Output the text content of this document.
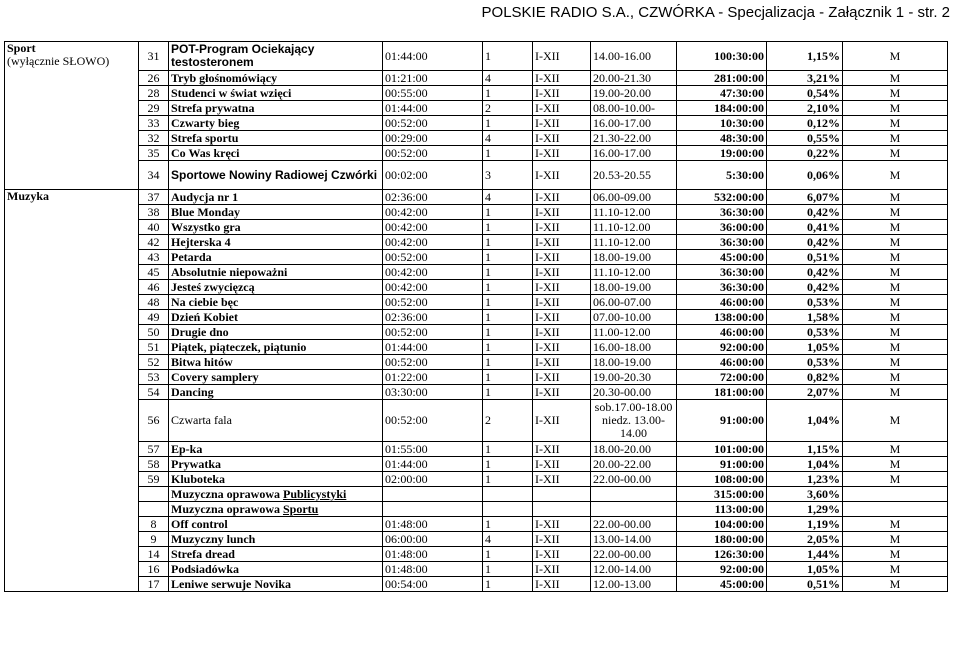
POLSKIE RADIO S.A., CZWÓRKA - Specjalizacja - Załącznik 1 - str. 2
Sport
(wyłącznie SŁOWO)	31	POT-Program Ociekający testosteronem	01:44:00	1	I-XII	14.00-16.00	100:30:00	1,15%	M
	26	Tryb głośnomówiący	01:21:00	4	I-XII	20.00-21.30	281:00:00	3,21%	M
	28	Studenci w świat wzięci	00:55:00	1	I-XII	19.00-20.00	47:30:00	0,54%	M
	29	Strefa prywatna	01:44:00	2	I-XII	08.00-10.00-	184:00:00	2,10%	M
	33	Czwarty bieg	00:52:00	1	I-XII	16.00-17.00	10:30:00	0,12%	M
	32	Strefa sportu	00:29:00	4	I-XII	21.30-22.00	48:30:00	0,55%	M
	35	Co Was kręci	00:52:00	1	I-XII	16.00-17.00	19:00:00	0,22%	M
	34	Sportowe Nowiny Radiowej Czwórki	00:02:00	3	I-XII	20.53-20.55	5:30:00	0,06%	M

Muzyka	37	Audycja nr 1	02:36:00	4	I-XII	06.00-09.00	532:00:00	6,07%	M
	38	Blue Monday	00:42:00	1	I-XII	11.10-12.00	36:30:00	0,42%	M
	40	Wszystko gra	00:42:00	1	I-XII	11.10-12.00	36:00:00	0,41%	M
	42	Hejterska 4	00:42:00	1	I-XII	11.10-12.00	36:30:00	0,42%	M
	43	Petarda	00:52:00	1	I-XII	18.00-19.00	45:00:00	0,51%	M
	45	Absolutnie niepoważni	00:42:00	1	I-XII	11.10-12.00	36:30:00	0,42%	M
	46	Jesteś zwycięzcą	00:42:00	1	I-XII	18.00-19.00	36:30:00	0,42%	M
	48	Na ciebie bęc	00:52:00	1	I-XII	06.00-07.00	46:00:00	0,53%	M
	49	Dzień Kobiet	02:36:00	1	I-XII	07.00-10.00	138:00:00	1,58%	M
	50	Drugie dno	00:52:00	1	I-XII	11.00-12.00	46:00:00	0,53%	M
	51	Piątek, piąteczek, piątunio	01:44:00	1	I-XII	16.00-18.00	92:00:00	1,05%	M
	52	Bitwa hitów	00:52:00	1	I-XII	18.00-19.00	46:00:00	0,53%	M
	53	Covery samplery	01:22:00	1	I-XII	19.00-20.30	72:00:00	0,82%	M
	54	Dancing	03:30:00	1	I-XII	20.30-00.00	181:00:00	2,07%	M
	56	Czwarta fala	00:52:00	2	I-XII	sob.17.00-18.00 niedz. 13.00-14.00	91:00:00	1,04%	M
	57	Ep-ka	01:55:00	1	I-XII	18.00-20.00	101:00:00	1,15%	M
	58	Prywatka	01:44:00	1	I-XII	20.00-22.00	91:00:00	1,04%	M
	59	Kluboteka	02:00:00	1	I-XII	22.00-00.00	108:00:00	1,23%	M
		Muzyczna oprawowa Publicystyki					315:00:00	3,60%	
		Muzyczna oprawowa Sportu					113:00:00	1,29%	
	8	Off control	01:48:00	1	I-XII	22.00-00.00	104:00:00	1,19%	M
	9	Muzyczny lunch	06:00:00	4	I-XII	13.00-14.00	180:00:00	2,05%	M
	14	Strefa dread	01:48:00	1	I-XII	22.00-00.00	126:30:00	1,44%	M
	16	Podsiadówka	01:48:00	1	I-XII	12.00-14.00	92:00:00	1,05%	M
	17	Leniwe serwuje Novika	00:54:00	1	I-XII	12.00-13.00	45:00:00	0,51%	M
